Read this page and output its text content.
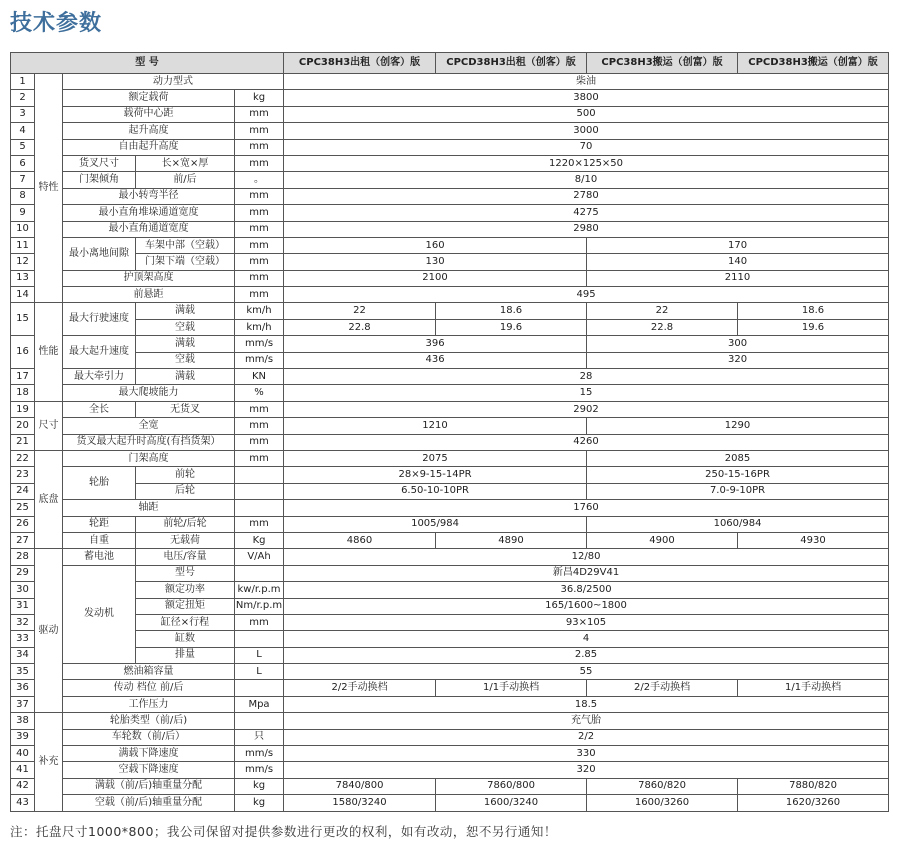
技术参数
型 号					CPC38H3出租（创客）版	CPCD38H3出租（创客）版	CPC38H3搬运（创富）版	CPCD38H3搬运（创富）版
1	特性	动力型式			柴油			
2		额定载荷		kg	3800			
3		载荷中心距		mm	500			
4		起升高度		mm	3000			
5		自由起升高度		mm	70			
6		货叉尺寸	长×宽×厚	mm	1220×125×50			
7		门架倾角	前/后	。	8/10			
8		最小转弯半径		mm	2780			
9		最小直角堆垛通道宽度		mm	4275			
10		最小直角通道宽度		mm	2980			
11		最小离地间隙	车架中部（空载）	mm	160		170	
12			门架下端（空载）	mm	130		140	
13		护顶架高度		mm	2100		2110	
14		前悬距		mm	495			
15	性能	最大行驶速度	满载	km/h	22	18.6	22	18.6
			空载	km/h	22.8	19.6	22.8	19.6
16		最大起升速度	满载	mm/s	396		300	
			空载	mm/s	436		320	
17		最大牵引力	满载	KN	28			
18		最大爬坡能力		%	15			
19	尺寸	全长	无货叉	mm	2902			
20		全宽		mm	1210		1290	
21		货叉最大起升时高度(有挡货架）		mm	4260			
22	底盘	门架高度		mm	2075		2085	
23		轮胎	前轮		28×9-15-14PR		250-15-16PR	
24			后轮		6.50-10-10PR		7.0-9-10PR	
25		轴距			1760			
26		轮距	前轮/后轮	mm	1005/984		1060/984	
27		自重	无载荷	Kg	4860	4890	4900	4930
28	驱动	蓄电池	电压/容量	V/Ah	12/80			
29		发动机	型号		新昌4D29V41			
30			额定功率	kw/r.p.m	36.8/2500			
31			额定扭矩	Nm/r.p.m	165/1600~1800			
32			缸径×行程	mm	93×105			
33			缸数		4			
34			排量	L	2.85			
35		燃油箱容量		L	55			
36		传动 档位 前/后			2/2手动换档	1/1手动换档	2/2手动换档	1/1手动换档
37		工作压力		Mpa	18.5			
38	补充	轮胎类型（前/后)			充气胎			
39		车轮数（前/后）		只	2/2			
40		满载下降速度		mm/s	330			
41		空载下降速度		mm/s	320			
42		满载（前/后)轴重量分配		kg	7840/800	7860/800	7860/820	7880/820
43		空载（前/后)轴重量分配		kg	1580/3240	1600/3240	1600/3260	1620/3260
注：托盘尺寸1000*800；我公司保留对提供参数进行更改的权利，如有改动，恕不另行通知！
